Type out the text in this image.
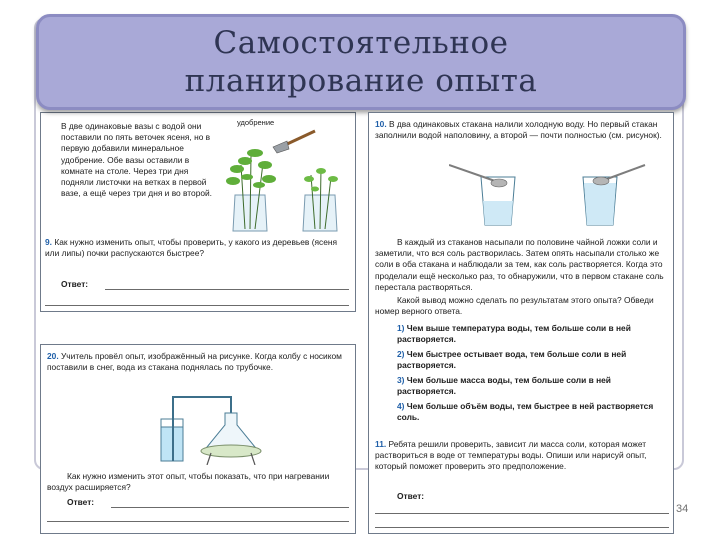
В две одинаковые вазы с водой они поставили по пять веточек ясеня, но в первую добавили минеральное удобрение. Обе вазы оставили в комнате на столе. Через три дня подняли листочки на ветках в первой вазе, а ещё через три дня и во второй.
удобрение
9. Как нужно изменить опыт, чтобы проверить, у какого из деревьев (ясеня или липы) почки распускаются быстрее?
Ответ:
Самостоятельное
планирование опыта
20. Учитель провёл опыт, изображённый на рисунке. Когда колбу с носиком поставили в снег, вода из стакана поднялась по трубочке.
Как нужно изменить этот опыт, чтобы показать, что при нагревании воздух расширяется?
Ответ:
10. В два одинаковых стакана налили холодную воду. Но первый стакан заполнили водой наполовину, а второй — почти полностью (см. рисунок).
В каждый из стаканов насыпали по половине чайной ложки соли и заметили, что вся соль растворилась. Затем опять насыпали столько же соли в оба стакана и наблюдали за тем, как соль растворяется. Когда это проделали ещё несколько раз, то обнаружили, что в первом стакане соль перестала растворяться.
Какой вывод можно сделать по результатам этого опыта? Обведи номер верного ответа.
1) Чем выше температура воды, тем больше соли в ней растворяется.
2) Чем быстрее остывает вода, тем больше соли в ней растворяется.
3) Чем больше масса воды, тем больше соли в ней растворяется.
4) Чем больше объём воды, тем быстрее в ней растворяется соль.
11. Ребята решили проверить, зависит ли масса соли, которая может раствориться в воде от температуры воды. Опиши или нарисуй опыт, который поможет проверить это предположение.
Ответ:
34
